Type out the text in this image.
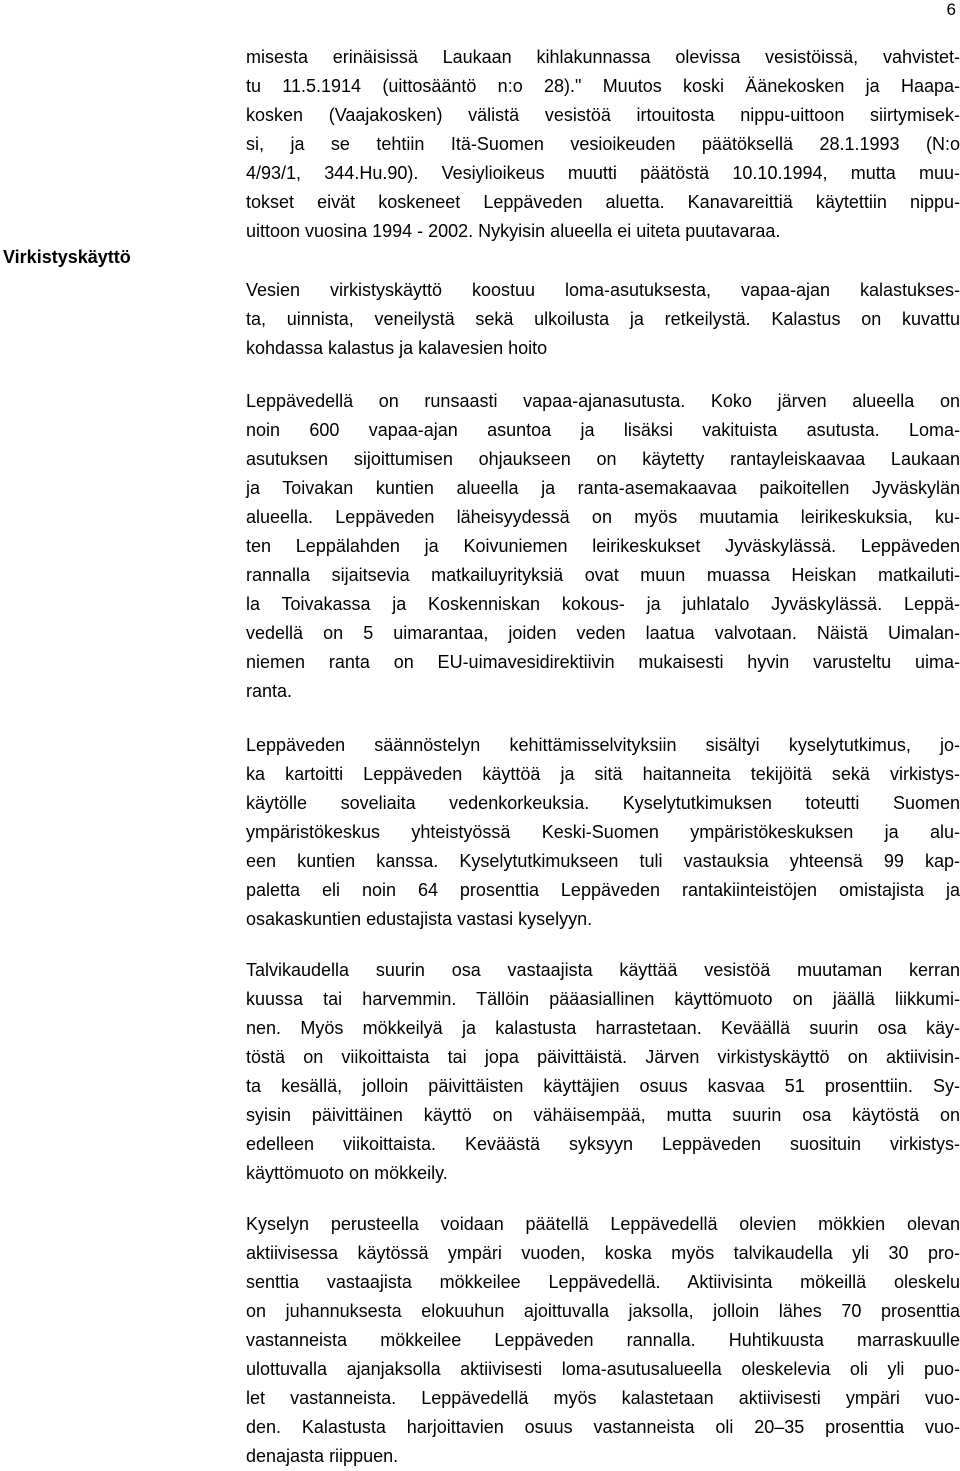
6
Virkistyskäyttö
misesta erinäisissä Laukaan kihlakunnassa olevissa vesistöissä, vahvistet-
tu 11.5.1914 (uittosääntö n:o 28)." Muutos koski Äänekosken ja Haapa-
kosken (Vaajakosken) välistä vesistöä irtouitosta nippu-uittoon siirtymisek-
si, ja se tehtiin Itä-Suomen vesioikeuden päätöksellä 28.1.1993 (N:o
4/93/1, 344.Hu.90). Vesiylioikeus muutti päätöstä 10.10.1994, mutta muu-
tokset eivät koskeneet Leppäveden aluetta. Kanavareittiä käytettiin nippu-
uittoon vuosina 1994 - 2002. Nykyisin alueella ei uiteta puutavaraa.
Vesien virkistyskäyttö koostuu loma-asutuksesta, vapaa-ajan kalastukses-
ta, uinnista, veneilystä sekä ulkoilusta ja retkeilystä. Kalastus on kuvattu
kohdassa kalastus ja kalavesien hoito
Leppävedellä on runsaasti vapaa-ajanasutusta. Koko järven alueella on
noin 600 vapaa-ajan asuntoa ja lisäksi vakituista asutusta. Loma-
asutuksen sijoittumisen ohjaukseen on käytetty rantayleiskaavaa Laukaan
ja Toivakan kuntien alueella ja ranta-asemakaavaa paikoitellen Jyväskylän
alueella. Leppäveden läheisyydessä on myös muutamia leirikeskuksia, ku-
ten Leppälahden ja Koivuniemen leirikeskukset Jyväskylässä. Leppäveden
rannalla sijaitsevia matkailuyrityksiä ovat muun muassa Heiskan matkailuti-
la Toivakassa ja Koskenniskan kokous- ja juhlatalo Jyväskylässä. Leppä-
vedellä on 5 uimarantaa, joiden veden laatua valvotaan. Näistä Uimalan-
niemen ranta on EU-uimavesidirektiivin mukaisesti hyvin varusteltu uima-
ranta.
Leppäveden säännöstelyn kehittämisselvityksiin sisältyi kyselytutkimus, jo-
ka kartoitti Leppäveden käyttöä ja sitä haitanneita tekijöitä sekä virkistys-
käytölle soveliaita vedenkorkeuksia. Kyselytutkimuksen toteutti Suomen
ympäristökeskus yhteistyössä Keski-Suomen ympäristökeskuksen ja alu-
een kuntien kanssa. Kyselytutkimukseen tuli vastauksia yhteensä 99 kap-
paletta eli noin 64 prosenttia Leppäveden rantakiinteistöjen omistajista ja
osakaskuntien edustajista vastasi kyselyyn.
Talvikaudella suurin osa vastaajista käyttää vesistöä muutaman kerran
kuussa tai harvemmin. Tällöin pääasiallinen käyttömuoto on jäällä liikkumi-
nen. Myös mökkeilyä ja kalastusta harrastetaan. Keväällä suurin osa käy-
töstä on viikoittaista tai jopa päivittäistä. Järven virkistyskäyttö on aktiivisin-
ta kesällä, jolloin päivittäisten käyttäjien osuus kasvaa 51 prosenttiin. Sy-
syisin päivittäinen käyttö on vähäisempää, mutta suurin osa käytöstä on
edelleen viikoittaista. Keväästä syksyyn Leppäveden suosituin virkistys-
käyttömuoto on mökkeily.
Kyselyn perusteella voidaan päätellä Leppävedellä olevien mökkien olevan
aktiivisessa käytössä ympäri vuoden, koska myös talvikaudella yli 30 pro-
senttia vastaajista mökkeilee Leppävedellä. Aktiivisinta mökeillä oleskelu
on juhannuksesta elokuuhun ajoittuvalla jaksolla, jolloin lähes 70 prosenttia
vastanneista mökkeilee Leppäveden rannalla. Huhtikuusta marraskuulle
ulottuvalla ajanjaksolla aktiivisesti loma-asutusalueella oleskelevia oli yli puo-
let vastanneista. Leppävedellä myös kalastetaan aktiivisesti ympäri vuo-
den. Kalastusta harjoittavien osuus vastanneista oli 20–35 prosenttia vuo-
denajasta riippuen.
